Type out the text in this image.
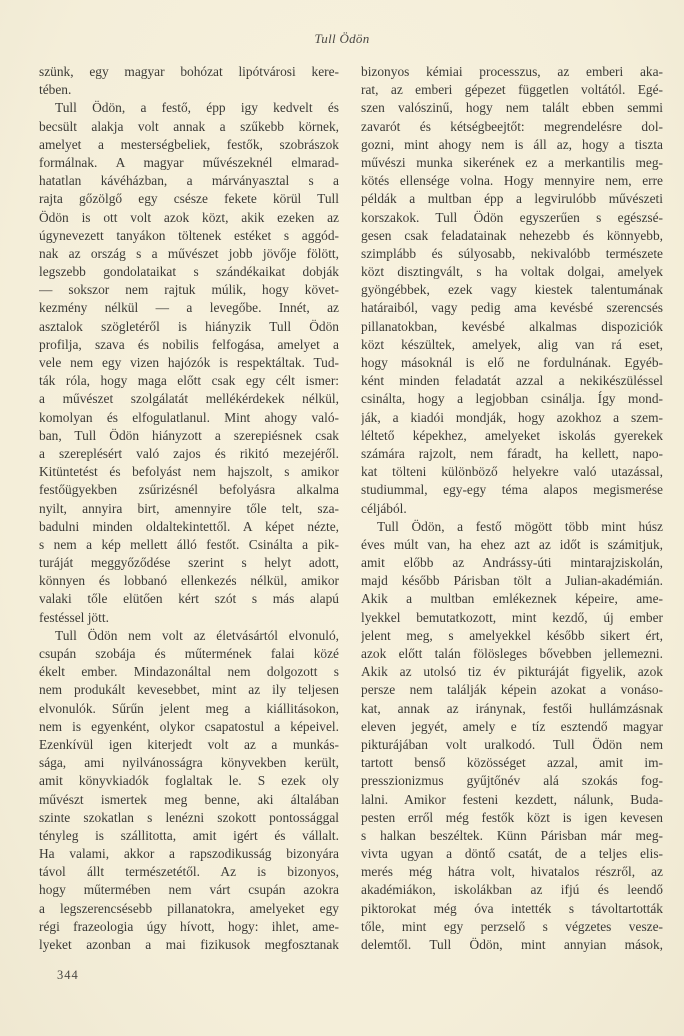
Tull Ödön
szünk, egy magyar bohózat lipótvárosi kere-
tében.
Tull Ödön, a festő, épp igy kedvelt és
becsült alakja volt annak a szűkebb körnek,
amelyet a mesterségbeliek, festők, szobrászok
formálnak. A magyar művészeknél elmarad-
hatatlan kávéházban, a márványasztal s a
rajta gőzölgő egy csésze fekete körül Tull
Ödön is ott volt azok közt, akik ezeken az
úgynevezett tanyákon töltenek estéket s aggód-
nak az ország s a művészet jobb jövője fölött,
legszebb gondolataikat s szándékaikat dobják
— sokszor nem rajtuk múlik, hogy követ-
kezmény nélkül — a levegőbe. Innét, az
asztalok szögletéről is hiányzik Tull Ödön
profilja, szava és nobilis felfogása, amelyet a
vele nem egy vizen hajózók is respektáltak. Tud-
ták róla, hogy maga előtt csak egy célt ismer:
a művészet szolgálatát mellékérdekek nélkül,
komolyan és elfogulatlanul. Mint ahogy való-
ban, Tull Ödön hiányzott a szerepiésnek csak
a szereplésért való zajos és rikitó mezejéről.
Kitüntetést és befolyást nem hajszolt, s amikor
festőügyekben zsűrizésnél befolyásra alkalma
nyilt, annyira birt, amennyire tőle telt, sza-
badulni minden oldaltekintettől. A képet nézte,
s nem a kép mellett álló festőt. Csinálta a pik-
turáját meggyőződése szerint s helyt adott,
könnyen és lobbanó ellenkezés nélkül, amikor
valaki tőle elütően kért szót s más alapú
festéssel jött.
Tull Ödön nem volt az életvásártól elvonuló,
csupán szobája és műtermének falai közé
ékelt ember. Mindazonáltal nem dolgozott s
nem produkált kevesebbet, mint az ily teljesen
elvonulók. Sűrűn jelent meg a kiállitásokon,
nem is egyenként, olykor csapatostul a képeivel.
Ezenkívül igen kiterjedt volt az a munkás-
sága, ami nyilvánosságra könyvekben került,
amit könyvkiadók foglaltak le. S ezek oly
művészt ismertek meg benne, aki általában
szinte szokatlan s lenézni szokott pontossággal
tényleg is szállitotta, amit igért és vállalt.
Ha valami, akkor a rapszodikusság bizonyára
távol állt természetétől. Az is bizonyos,
hogy műtermében nem várt csupán azokra
a legszerencsésebb pillanatokra, amelyeket egy
régi frazeologia úgy hívott, hogy: ihlet, ame-
lyeket azonban a mai fizikusok megfosztanak
bizonyos kémiai processzus, az emberi aka-
rat, az emberi gépezet független voltától. Egé-
szen valószinű, hogy nem talált ebben semmi
zavarót és kétségbeejtőt: megrendelésre dol-
gozni, mint ahogy nem is áll az, hogy a tiszta
művészi munka sikerének ez a merkantilis meg-
kötés ellensége volna. Hogy mennyire nem, erre
példák a multban épp a legvirulóbb művészeti
korszakok. Tull Ödön egyszerűen s egészsé-
gesen csak feladatainak nehezebb és könnyebb,
szimplább és súlyosabb, nekivalóbb természete
közt disztingvált, s ha voltak dolgai, amelyek
gyöngébbek, ezek vagy kiestek talentumának
határaiból, vagy pedig ama kevésbé szerencsés
pillanatokban, kevésbé alkalmas dispoziciók
közt készültek, amelyek, alig van rá eset,
hogy másoknál is elő ne fordulnának. Egyéb-
ként minden feladatát azzal a nekikészüléssel
csinálta, hogy a legjobban csinálja. Így mond-
ják, a kiadói mondják, hogy azokhoz a szem-
léltető képekhez, amelyeket iskolás gyerekek
számára rajzolt, nem fáradt, ha kellett, napo-
kat tölteni különböző helyekre való utazással,
studiummal, egy-egy téma alapos megismerése
céljából.
Tull Ödön, a festő mögött több mint húsz
éves múlt van, ha ehez azt az időt is számitjuk,
amit előbb az Andrássy-úti mintarajziskolán,
majd később Párisban tölt a Julian-akadémián.
Akik a multban emlékeznek képeire, ame-
lyekkel bemutatkozott, mint kezdő, új ember
jelent meg, s amelyekkel később sikert ért,
azok előtt talán fölösleges bővebben jellemezni.
Akik az utolsó tiz év pikturáját figyelik, azok
persze nem találják képein azokat a vonáso-
kat, annak az iránynak, festői hullámzásnak
eleven jegyét, amely e tíz esztendő magyar
pikturájában volt uralkodó. Tull Ödön nem
tartott benső közösséget azzal, amit im-
presszionizmus gyűjtőnév alá szokás fog-
lalni. Amikor festeni kezdett, nálunk, Buda-
pesten erről még festők közt is igen kevesen
s halkan beszéltek. Künn Párisban már meg-
vivta ugyan a döntő csatát, de a teljes elis-
merés még hátra volt, hivatalos részről, az
akadémiákon, iskolákban az ifjú és leendő
piktorokat még óva intették s távoltartották
tőle, mint egy perzselő s végzetes vesze-
delemtől. Tull Ödön, mint annyian mások,
344
